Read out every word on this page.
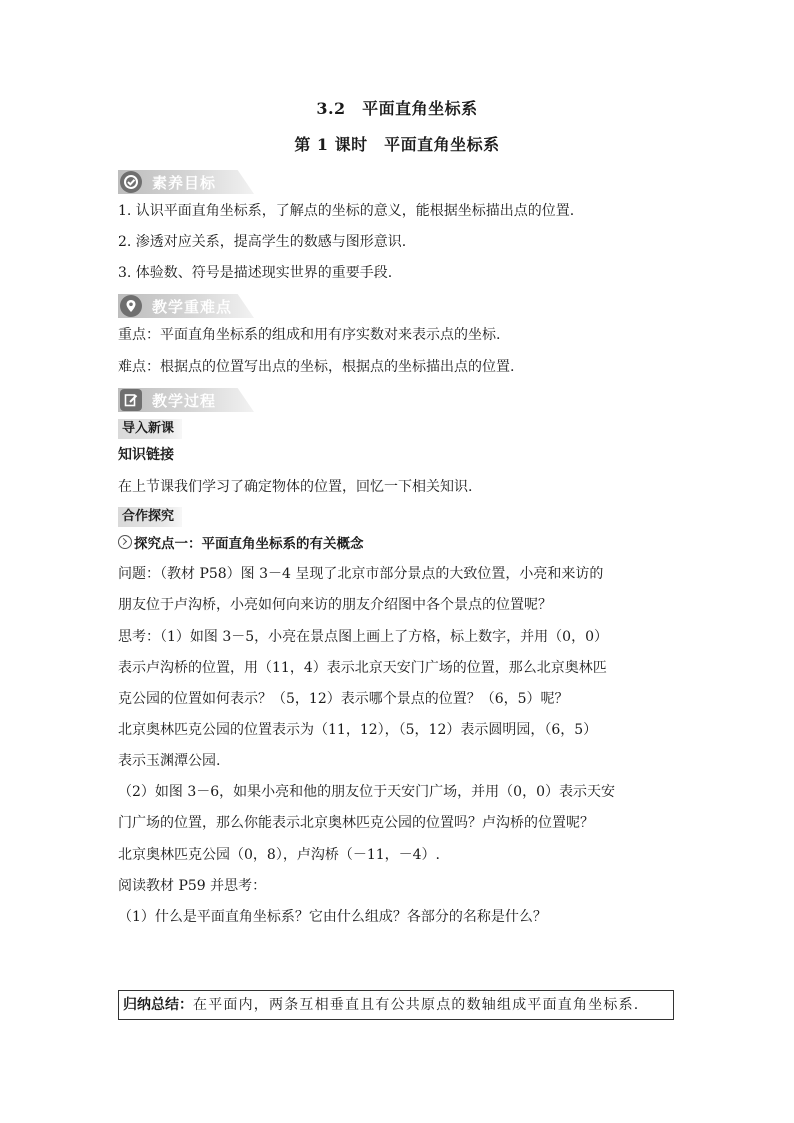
3.2　平面直角坐标系
第 1 课时　平面直角坐标系
素养目标
1. 认识平面直角坐标系，了解点的坐标的意义，能根据坐标描出点的位置.
2. 渗透对应关系，提高学生的数感与图形意识.
3. 体验数、符号是描述现实世界的重要手段.
教学重难点
重点：平面直角坐标系的组成和用有序实数对来表示点的坐标.
难点：根据点的位置写出点的坐标，根据点的坐标描出点的位置.
教学过程
导入新课
知识链接
在上节课我们学习了确定物体的位置，回忆一下相关知识.
合作探究
探究点一：平面直角坐标系的有关概念
问题：（教材 P58）图 3－4 呈现了北京市部分景点的大致位置，小亮和来访的
朋友位于卢沟桥，小亮如何向来访的朋友介绍图中各个景点的位置呢？
思考：（1）如图 3－5，小亮在景点图上画上了方格，标上数字，并用（0，0）
表示卢沟桥的位置，用（11，4）表示北京天安门广场的位置，那么北京奥林匹
克公园的位置如何表示？（5，12）表示哪个景点的位置？（6，5）呢？
北京奥林匹克公园的位置表示为（11，12），（5，12）表示圆明园，（6，5）
表示玉渊潭公园.
（2）如图 3－6，如果小亮和他的朋友位于天安门广场，并用（0，0）表示天安
门广场的位置，那么你能表示北京奥林匹克公园的位置吗？卢沟桥的位置呢？
北京奥林匹克公园（0，8），卢沟桥（－11，－4）.
阅读教材 P59 并思考：
（1）什么是平面直角坐标系？它由什么组成？各部分的名称是什么？
归纳总结：在平面内，两条互相垂直且有公共原点的数轴组成平面直角坐标系.
